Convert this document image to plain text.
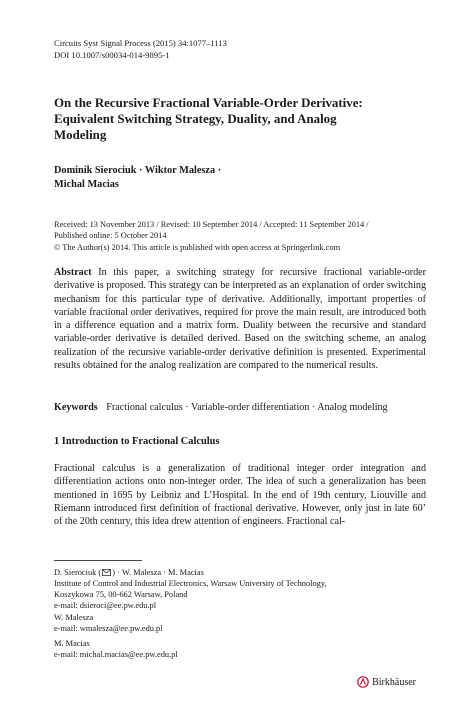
Circuits Syst Signal Process (2015) 34:1077–1113
DOI 10.1007/s00034-014-9895-1
On the Recursive Fractional Variable-Order Derivative:
Equivalent Switching Strategy, Duality, and Analog
Modeling
Dominik Sierociuk · Wiktor Malesza ·
Michal Macias
Received: 13 November 2013 / Revised: 10 September 2014 / Accepted: 11 September 2014 /
Published online: 5 October 2014
© The Author(s) 2014. This article is published with open access at Springerlink.com
Abstract In this paper, a switching strategy for recursive fractional variable-order derivative is proposed. This strategy can be interpreted as an explanation of order switching mechanism for this particular type of derivative. Additionally, important properties of variable fractional order derivatives, required for prove the main result, are introduced both in a difference equation and a matrix form. Duality between the recursive and standard variable-order derivative is detailed derived. Based on the switching scheme, an analog realization of the recursive variable-order derivative definition is presented. Experimental results obtained for the analog realization are compared to the numerical results.
Keywords Fractional calculus · Variable-order differentiation · Analog modeling
1 Introduction to Fractional Calculus
Fractional calculus is a generalization of traditional integer order integration and differentiation actions onto non-integer order. The idea of such a generalization has been mentioned in 1695 by Leibniz and L’Hospital. In the end of 19th century, Liouville and Riemann introduced first definition of fractional derivative. However, only just in late 60’ of the 20th century, this idea drew attention of engineers. Fractional cal-
D. Sierociuk ( ) · W. Malesza · M. Macias
Institute of Control and Industrial Electronics, Warsaw University of Technology,
Koszykowa 75, 00-662 Warsaw, Poland
e-mail: dsieroci@ee.pw.edu.pl
W. Malesza
e-mail: wmalesza@ee.pw.edu.pl
M. Macias
e-mail: michal.macias@ee.pw.edu.pl
Birkhäuser
